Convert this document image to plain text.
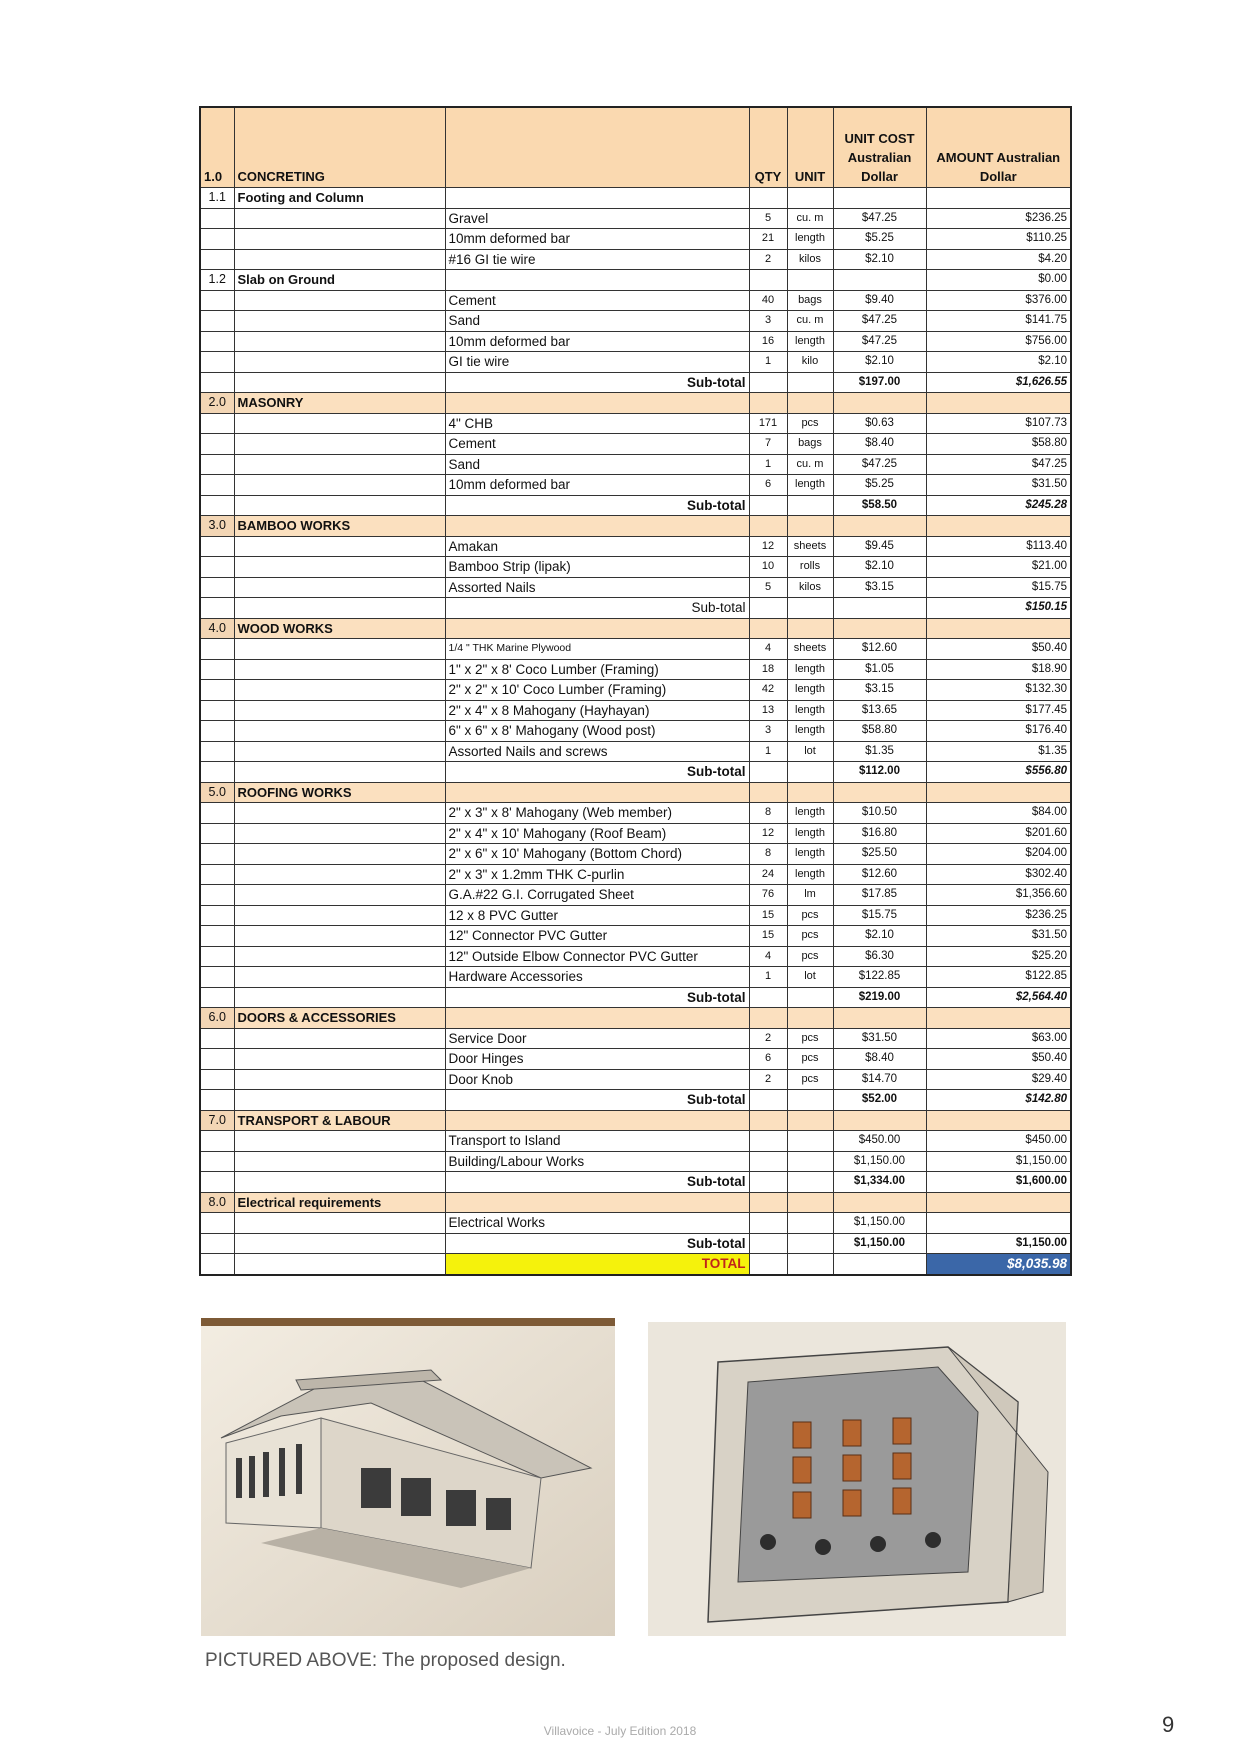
1.0	CONCRETING		QTY	UNIT	UNIT COST Australian Dollar	AMOUNT Australian Dollar
1.1	Footing and Column					
		Gravel	5	cu. m	$47.25	$236.25
		10mm deformed bar	21	length	$5.25	$110.25
		#16 GI tie wire	2	kilos	$2.10	$4.20
1.2	Slab on Ground					$0.00
		Cement	40	bags	$9.40	$376.00
		Sand	3	cu. m	$47.25	$141.75
		10mm deformed bar	16	length	$47.25	$756.00
		GI tie wire	1	kilo	$2.10	$2.10
		Sub-total			$197.00	$1,626.55
2.0	MASONRY					
		4" CHB	171	pcs	$0.63	$107.73
		Cement	7	bags	$8.40	$58.80
		Sand	1	cu. m	$47.25	$47.25
		10mm deformed bar	6	length	$5.25	$31.50
		Sub-total			$58.50	$245.28
3.0	BAMBOO WORKS					
		Amakan	12	sheets	$9.45	$113.40
		Bamboo Strip (lipak)	10	rolls	$2.10	$21.00
		Assorted Nails	5	kilos	$3.15	$15.75
		Sub-total				$150.15
4.0	WOOD WORKS					
		1/4 " THK Marine Plywood	4	sheets	$12.60	$50.40
		1" x 2" x 8' Coco Lumber (Framing)	18	length	$1.05	$18.90
		2" x 2" x 10' Coco Lumber (Framing)	42	length	$3.15	$132.30
		2" x 4" x 8 Mahogany (Hayhayan)	13	length	$13.65	$177.45
		6" x 6" x 8' Mahogany (Wood post)	3	length	$58.80	$176.40
		Assorted Nails and screws	1	lot	$1.35	$1.35
		Sub-total			$112.00	$556.80
5.0	ROOFING WORKS					
		2" x 3" x 8' Mahogany (Web member)	8	length	$10.50	$84.00
		2" x 4" x 10' Mahogany (Roof Beam)	12	length	$16.80	$201.60
		2" x 6" x 10' Mahogany (Bottom Chord)	8	length	$25.50	$204.00
		2" x 3" x 1.2mm THK C-purlin	24	length	$12.60	$302.40
		G.A.#22 G.I. Corrugated Sheet	76	lm	$17.85	$1,356.60
		12 x 8 PVC Gutter	15	pcs	$15.75	$236.25
		12" Connector PVC Gutter	15	pcs	$2.10	$31.50
		12" Outside Elbow Connector PVC Gutter	4	pcs	$6.30	$25.20
		Hardware Accessories	1	lot	$122.85	$122.85
		Sub-total			$219.00	$2,564.40
6.0	DOORS & ACCESSORIES					
		Service Door	2	pcs	$31.50	$63.00
		Door Hinges	6	pcs	$8.40	$50.40
		Door Knob	2	pcs	$14.70	$29.40
		Sub-total			$52.00	$142.80
7.0	TRANSPORT & LABOUR					
		Transport to Island			$450.00	$450.00
		Building/Labour Works			$1,150.00	$1,150.00
		Sub-total			$1,334.00	$1,600.00
8.0	Electrical requirements					
		Electrical Works			$1,150.00	
		Sub-total			$1,150.00	$1,150.00
		TOTAL				$8,035.98
PICTURED ABOVE: The proposed design.
Villavoice - July Edition 2018	9
